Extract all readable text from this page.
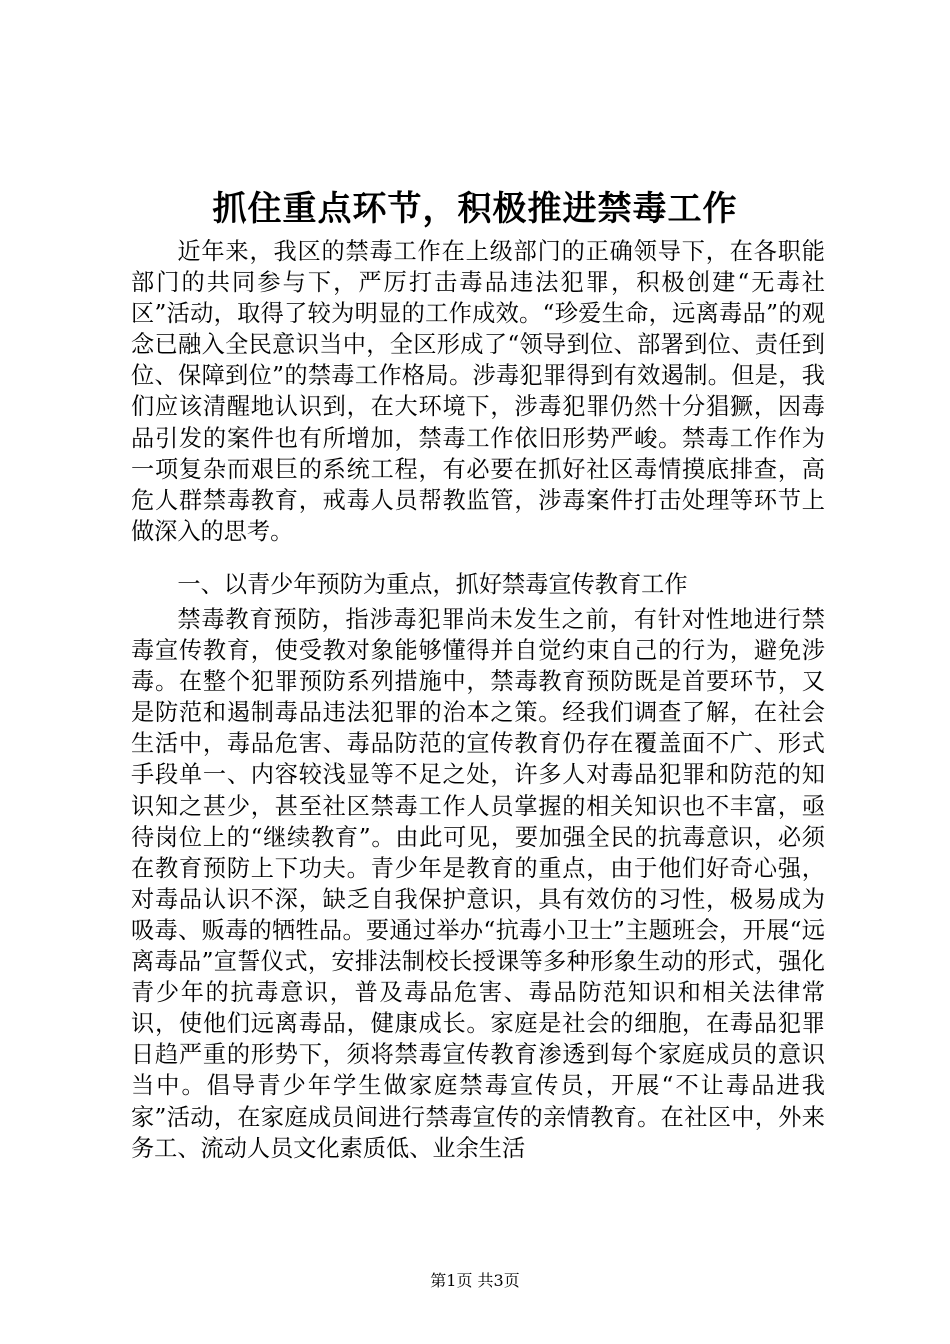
抓住重点环节，积极推进禁毒工作

近年来，我区的禁毒工作在上级部门的正确领导下，在各职能部门的共同参与下，严厉打击毒品违法犯罪，积极创建“无毒社区”活动，取得了较为明显的工作成效。“珍爱生命，远离毒品”的观念已融入全民意识当中，全区形成了“领导到位、部署到位、责任到位、保障到位”的禁毒工作格局。涉毒犯罪得到有效遏制。但是，我们应该清醒地认识到，在大环境下，涉毒犯罪仍然十分猖獗，因毒品引发的案件也有所增加，禁毒工作依旧形势严峻。禁毒工作作为一项复杂而艰巨的系统工程，有必要在抓好社区毒情摸底排查，高危人群禁毒教育，戒毒人员帮教监管，涉毒案件打击处理等环节上做深入的思考。

一、以青少年预防为重点，抓好禁毒宣传教育工作

禁毒教育预防，指涉毒犯罪尚未发生之前，有针对性地进行禁毒宣传教育，使受教对象能够懂得并自觉约束自己的行为，避免涉毒。在整个犯罪预防系列措施中，禁毒教育预防既是首要环节，又是防范和遏制毒品违法犯罪的治本之策。经我们调查了解，在社会生活中，毒品危害、毒品防范的宣传教育仍存在覆盖面不广、形式手段单一、内容较浅显等不足之处，许多人对毒品犯罪和防范的知识知之甚少，甚至社区禁毒工作人员掌握的相关知识也不丰富，亟待岗位上的“继续教育”。由此可见，要加强全民的抗毒意识，必须在教育预防上下功夫。青少年是教育的重点，由于他们好奇心强，对毒品认识不深，缺乏自我保护意识，具有效仿的习性，极易成为吸毒、贩毒的牺牲品。要通过举办“抗毒小卫士”主题班会，开展“远离毒品”宣誓仪式，安排法制校长授课等多种形象生动的形式，强化青少年的抗毒意识，普及毒品危害、毒品防范知识和相关法律常识，使他们远离毒品，健康成长。家庭是社会的细胞，在毒品犯罪日趋严重的形势下，须将禁毒宣传教育渗透到每个家庭成员的意识当中。倡导青少年学生做家庭禁毒宣传员，开展“不让毒品进我家”活动，在家庭成员间进行禁毒宣传的亲情教育。在社区中，外来务工、流动人员文化素质低、业余生活

第1页 共3页
